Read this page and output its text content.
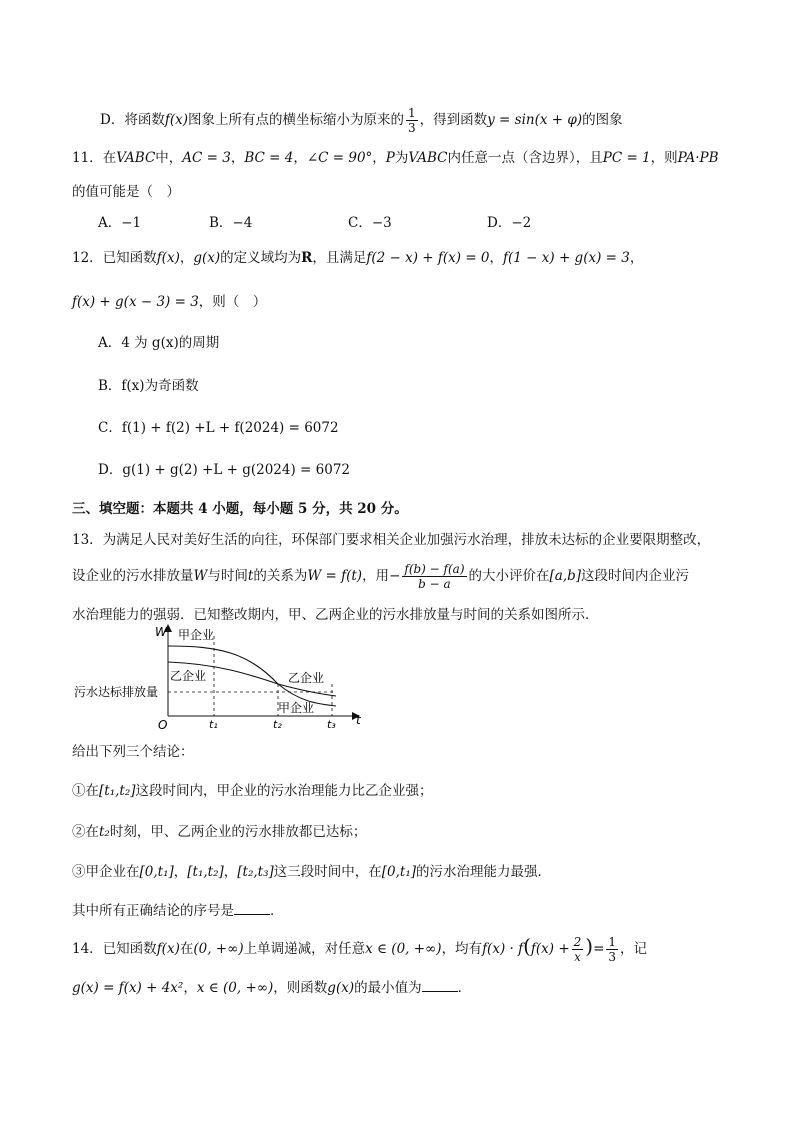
D．将函数f(x)图象上所有点的横坐标缩小为原来的 $\frac{1}{3}$ ，得到函数y = sin(x + φ)的图象
11．在VABC中，AC = 3，BC = 4，∠C = 90°，P为VABC内任意一点（含边界），且PC = 1，则PA·PB
的值可能是（　）
A．−1	B．−4	C．−3	D．−2
12．已知函数f(x)，g(x)的定义域均为R，且满足f(2 − x) + f(x) = 0，f(1 − x) + g(x) = 3，
f(x) + g(x − 3) = 3，则（　）
A．4 为 g(x)的周期
B．f(x)为奇函数
C．f(1) + f(2) +L + f(2024) = 6072
D．g(1) + g(2) +L + g(2024) = 6072
三、填空题：本题共 4 小题，每小题 5 分，共 20 分。
13．为满足人民对美好生活的向往，环保部门要求相关企业加强污水治理，排放未达标的企业要限期整改，
设企业的污水排放量W与时间t的关系为W = f(t)，用− $\frac{f(b) - f(a)}{b - a}$ 的大小评价在[a,b]这段时间内企业污
水治理能力的强弱．已知整改期内，甲、乙两企业的污水排放量与时间的关系如图所示．
W
t
O
污水达标排放量
甲企业
乙企业	乙企业
甲企业
t₁	t₂	t₃
给出下列三个结论：
①在[t₁,t₂]这段时间内，甲企业的污水治理能力比乙企业强；
②在t₂时刻，甲、乙两企业的污水排放都已达标；
③甲企业在[0,t₁]，[t₁,t₂]，[t₂,t₃]这三段时间中，在[0,t₁]的污水治理能力最强．
其中所有正确结论的序号是	．
14．已知函数f(x)在(0, +∞)上单调递减，对任意x ∈ (0, +∞)，均有$f(x) \cdot f(f(x) + \frac{2}{x}$ )= $\frac{1}{3}$ ，记
g(x) = f(x) + 4x²，x ∈ (0, +∞)，则函数g(x)的最小值为	．
